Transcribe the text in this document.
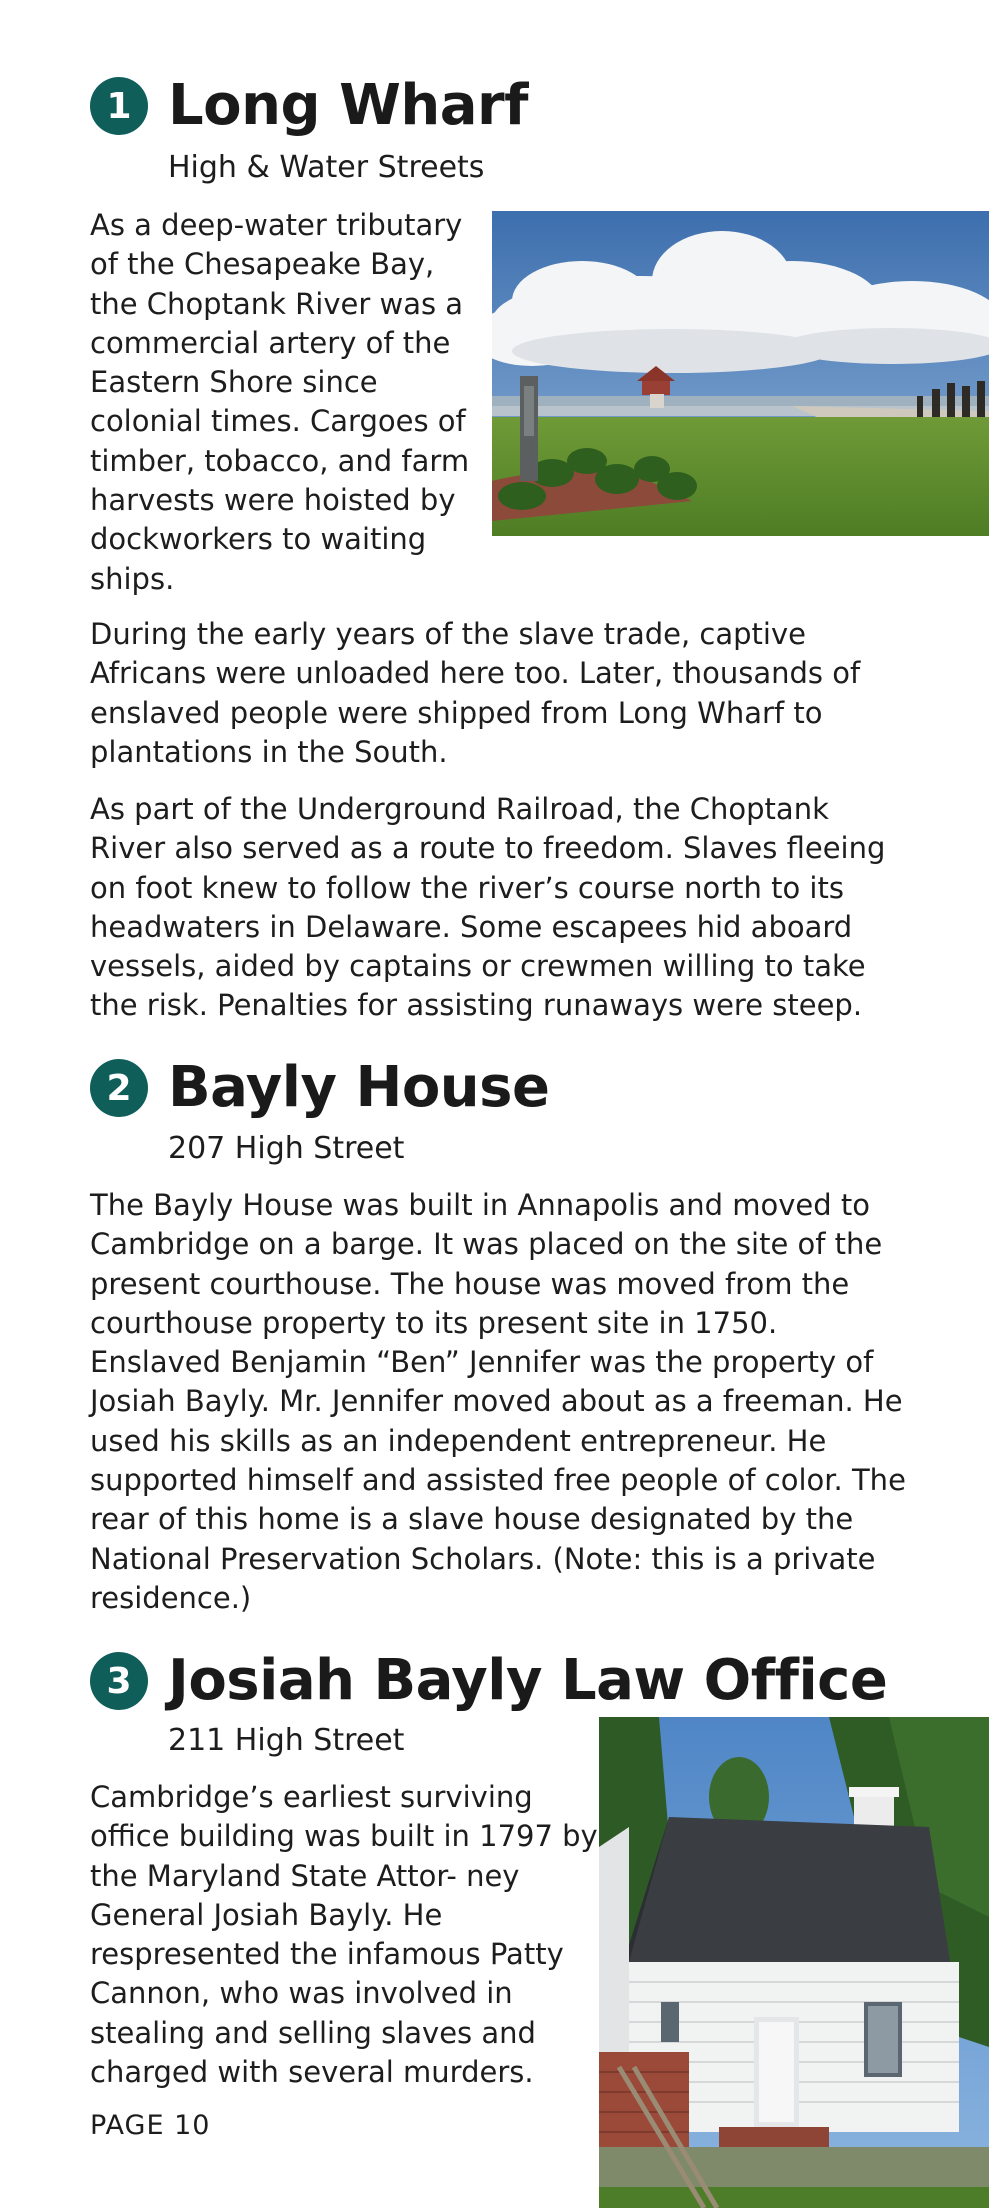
1 Long Wharf
High & Water Streets

As a deep-water tributary of the Chesapeake Bay, the Choptank River was a commercial artery of the Eastern Shore since colonial times. Cargoes of timber, tobacco, and farm harvests were hoisted by dockworkers to waiting ships.

During the early years of the slave trade, captive Africans were unloaded here too. Later, thousands of enslaved people were shipped from Long Wharf to plantations in the South.

As part of the Underground Railroad, the Choptank River also served as a route to freedom. Slaves fleeing on foot knew to follow the river’s course north to its headwaters in Delaware. Some escapees hid aboard vessels, aided by captains or crewmen willing to take the risk. Penalties for assisting runaways were steep.

2 Bayly House
207 High Street

The Bayly House was built in Annapolis and moved to Cambridge on a barge. It was placed on the site of the present courthouse. The house was moved from the courthouse property to its present site in 1750. Enslaved Benjamin “Ben” Jennifer was the property of Josiah Bayly. Mr. Jennifer moved about as a freeman. He used his skills as an independent entrepreneur. He supported himself and assisted free people of color. The rear of this home is a slave house designated by the National Preservation Scholars. (Note: this is a private residence.)

3 Josiah Bayly Law Office
211 High Street

Cambridge’s earliest surviving office building was built in 1797 by the Maryland State Attor- ney General Josiah Bayly. He respresented the infamous Patty Cannon, who was involved in stealing and selling slaves and charged with several murders.

PAGE 10
